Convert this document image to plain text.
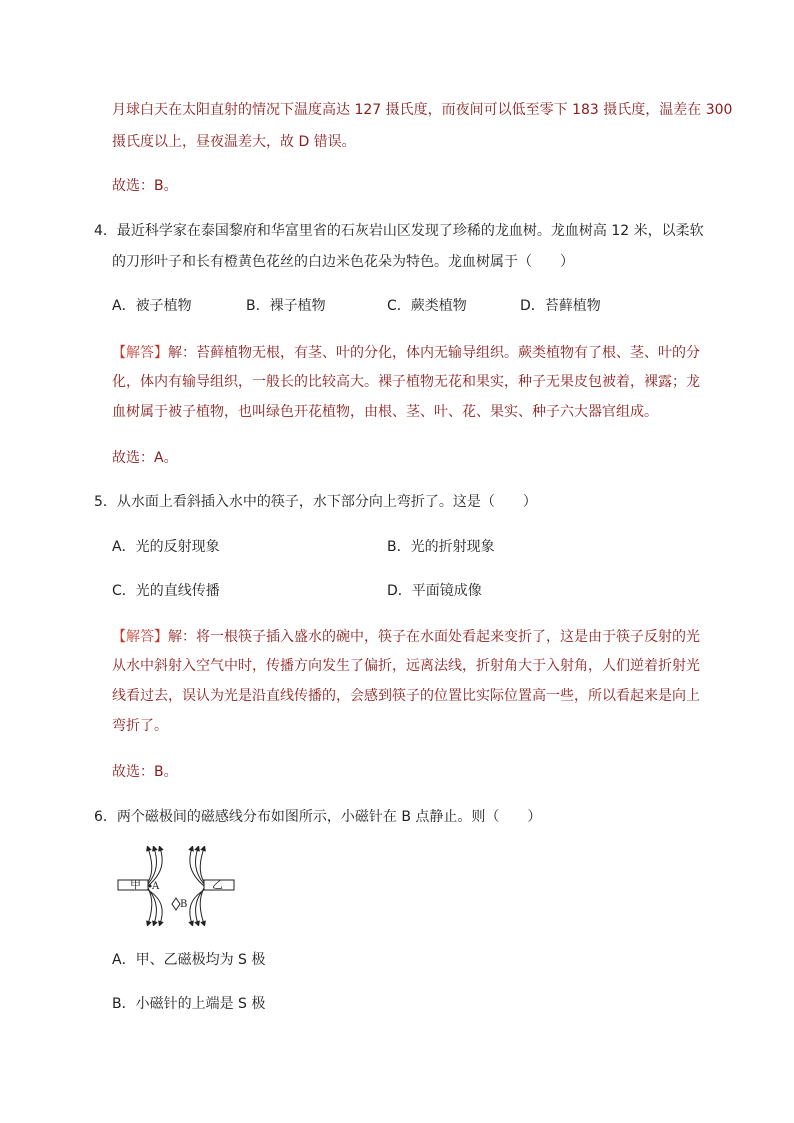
月球白天在太阳直射的情况下温度高达 127 摄氏度，而夜间可以低至零下 183 摄氏度，温差在 300
摄氏度以上，昼夜温差大，故 D 错误。
故选：B。
4．最近科学家在泰国黎府和华富里省的石灰岩山区发现了珍稀的龙血树。龙血树高 12 米，以柔软
的刀形叶子和长有橙黄色花丝的白边米色花朵为特色。龙血树属于（　　）
A．被子植物	B．裸子植物	C．蕨类植物	D．苔藓植物
【解答】解：苔藓植物无根，有茎、叶的分化，体内无输导组织。蕨类植物有了根、茎、叶的分
化，体内有输导组织，一般长的比较高大。裸子植物无花和果实，种子无果皮包被着，裸露；龙
血树属于被子植物，也叫绿色开花植物，由根、茎、叶、花、果实、种子六大器官组成。
故选：A。
5．从水面上看斜插入水中的筷子，水下部分向上弯折了。这是（　　）
A．光的反射现象	B．光的折射现象
C．光的直线传播	D．平面镜成像
【解答】解：将一根筷子插入盛水的碗中，筷子在水面处看起来变折了，这是由于筷子反射的光
从水中斜射入空气中时，传播方向发生了偏折，远离法线，折射角大于入射角，人们逆着折射光
线看过去，误认为光是沿直线传播的，会感到筷子的位置比实际位置高一些，所以看起来是向上
弯折了。
故选：B。
6．两个磁极间的磁感线分布如图所示，小磁针在 B 点静止。则（　　）
甲	乙
A
B
A．甲、乙磁极均为 S 极
B．小磁针的上端是 S 极
